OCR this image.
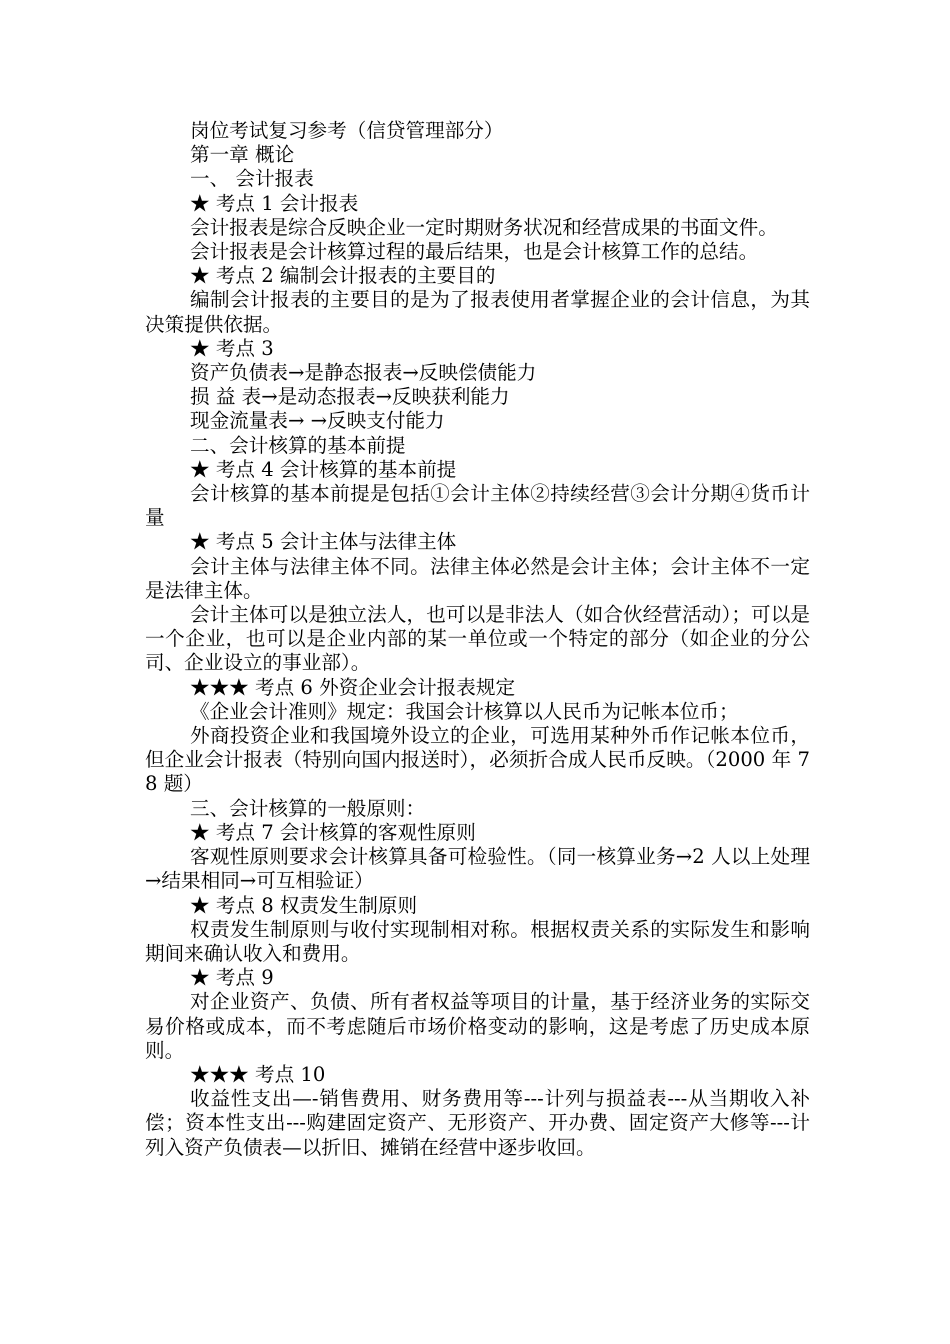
岗位考试复习参考（信贷管理部分）

第一章 概论

一、 会计报表

★ 考点 1 会计报表

会计报表是综合反映企业一定时期财务状况和经营成果的书面文件。

会计报表是会计核算过程的最后结果，也是会计核算工作的总结。

★ 考点 2 编制会计报表的主要目的

编制会计报表的主要目的是为了报表使用者掌握企业的会计信息，为其决策提供依据。

★ 考点 3

资产负债表→是静态报表→反映偿债能力

损 益 表→是动态报表→反映获利能力

现金流量表→ →反映支付能力

二、会计核算的基本前提

★ 考点 4 会计核算的基本前提

会计核算的基本前提是包括①会计主体②持续经营③会计分期④货币计量

★ 考点 5 会计主体与法律主体

会计主体与法律主体不同。法律主体必然是会计主体；会计主体不一定是法律主体。

会计主体可以是独立法人，也可以是非法人（如合伙经营活动）；可以是一个企业，也可以是企业内部的某一单位或一个特定的部分（如企业的分公司、企业设立的事业部）。

★★★ 考点 6 外资企业会计报表规定

《企业会计准则》规定：我国会计核算以人民币为记帐本位币；

外商投资企业和我国境外设立的企业，可选用某种外币作记帐本位币，但企业会计报表（特别向国内报送时），必须折合成人民币反映。（2000 年 78 题）

三、会计核算的一般原则：

★ 考点 7 会计核算的客观性原则

客观性原则要求会计核算具备可检验性。（同一核算业务→2 人以上处理→结果相同→可互相验证）

★ 考点 8 权责发生制原则

权责发生制原则与收付实现制相对称。根据权责关系的实际发生和影响期间来确认收入和费用。

★ 考点 9

对企业资产、负债、所有者权益等项目的计量，基于经济业务的实际交易价格或成本，而不考虑随后市场价格变动的影响，这是考虑了历史成本原则。

★★★ 考点 10

收益性支出—-销售费用、财务费用等---计列与损益表---从当期收入补偿；资本性支出---购建固定资产、无形资产、开办费、固定资产大修等---计列入资产负债表—以折旧、摊销在经营中逐步收回。
